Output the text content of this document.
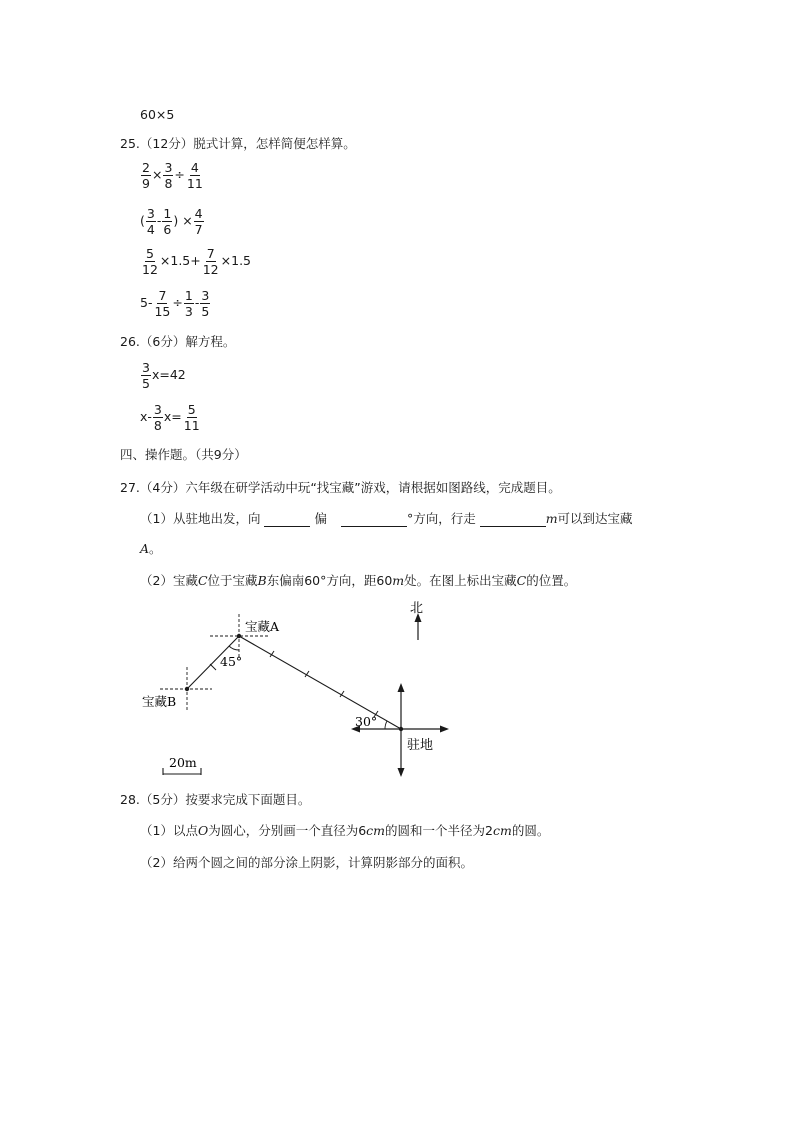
60×5
25.（12分）脱式计算，怎样简便怎样算。
$\frac{2}{9} \times \frac{3}{8} \div \frac{4}{11}$
( $\frac{3}{4} - \frac{1}{6}$ ) × $\frac{4}{7}$
$\frac{5}{12} \times 1.5+ \frac{7}{12} \times 1.5$
$5- \frac{7}{15} \div \frac{1}{3} - \frac{3}{5}$
26.（6分）解方程。
$\frac{3}{5} x=42$
$x- \frac{3}{8} x= \frac{5}{11}$
四、操作题。（共9分）
27.（4分）六年级在研学活动中玩“找宝藏”游戏，请根据如图路线，完成题目。
（1）从驻地出发，向	偏	°方向，行走	m可以到达宝藏
A。
（2）宝藏C位于宝藏B东偏南60°方向，距60m处。在图上标出宝藏C的位置。
北
宝藏A
宝藏B
45°
30°
驻地
20m
28.（5分）按要求完成下面题目。
（1）以点O为圆心，分别画一个直径为6cm的圆和一个半径为2cm的圆。
（2）给两个圆之间的部分涂上阴影，计算阴影部分的面积。
